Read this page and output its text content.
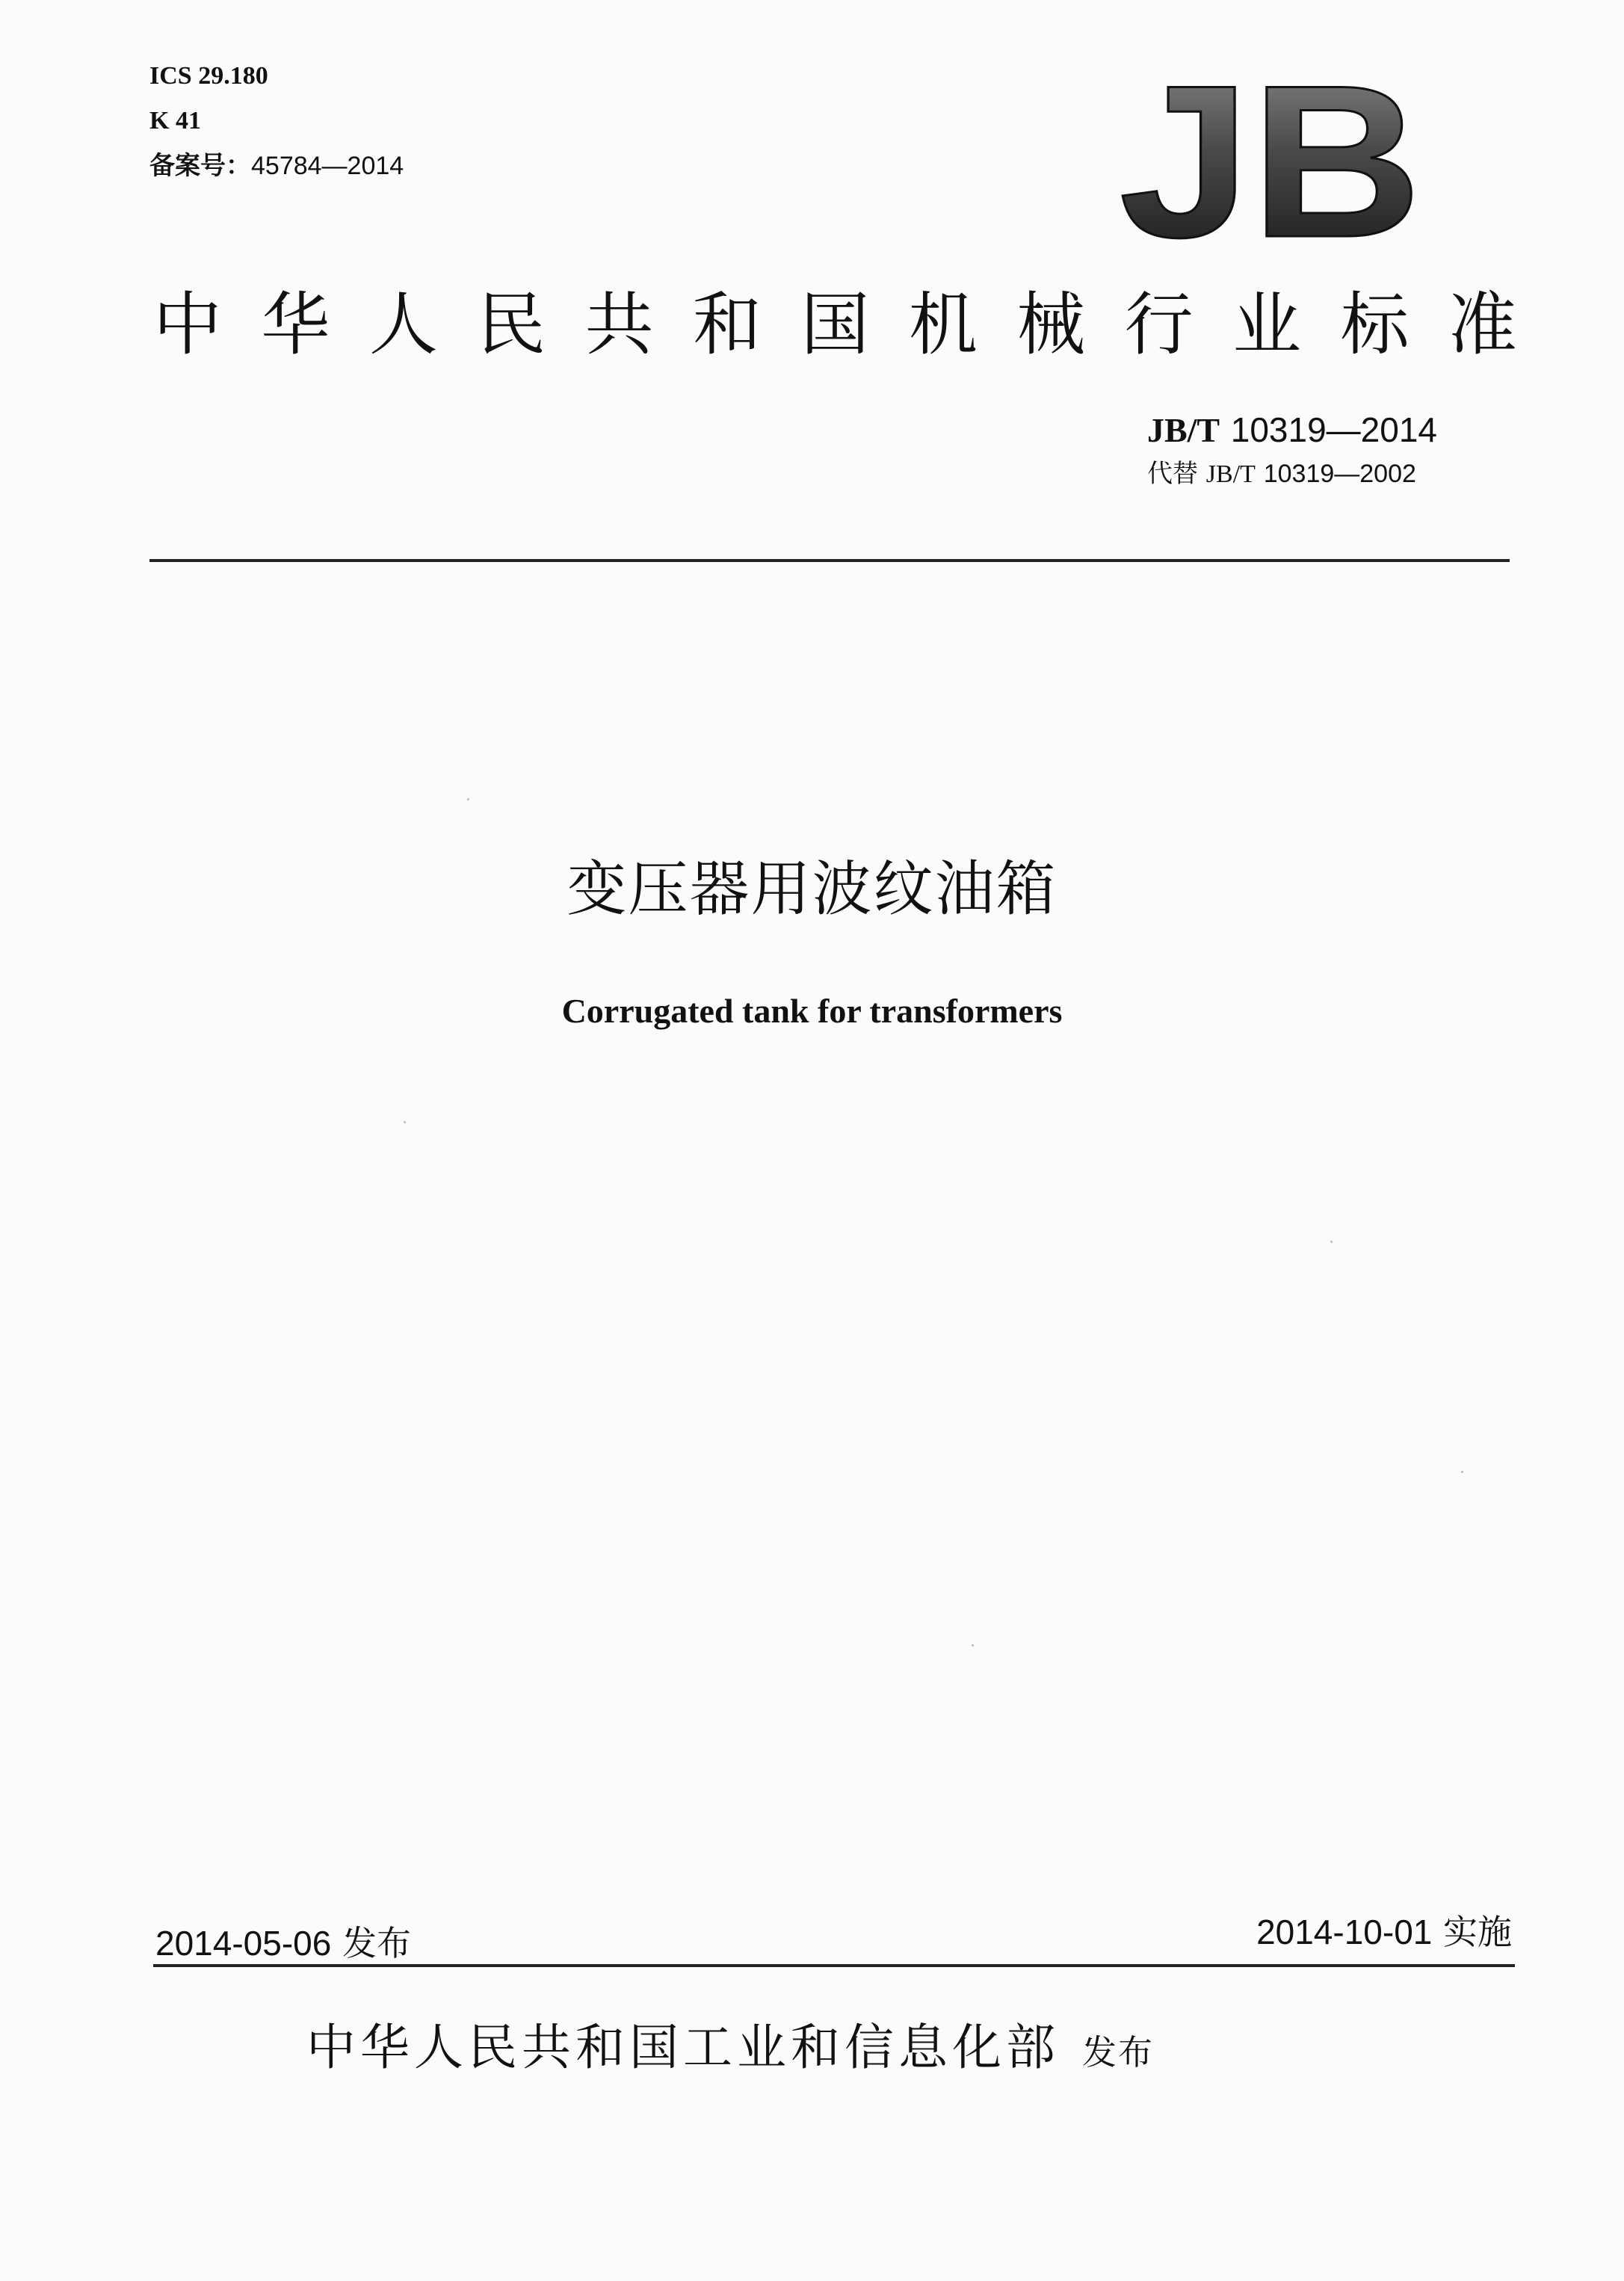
ICS 29.180
K 41
备案号：45784—2014	JB
中 华 人 民 共 和 国 机 械 行 业 标 准
JB/T 10319—2014
代替 JB/T 10319—2002
变压器用波纹油箱
Corrugated tank for transformers
2014-05-06 发布	2014-10-01 实施
中华人民共和国工业和信息化部 发布
